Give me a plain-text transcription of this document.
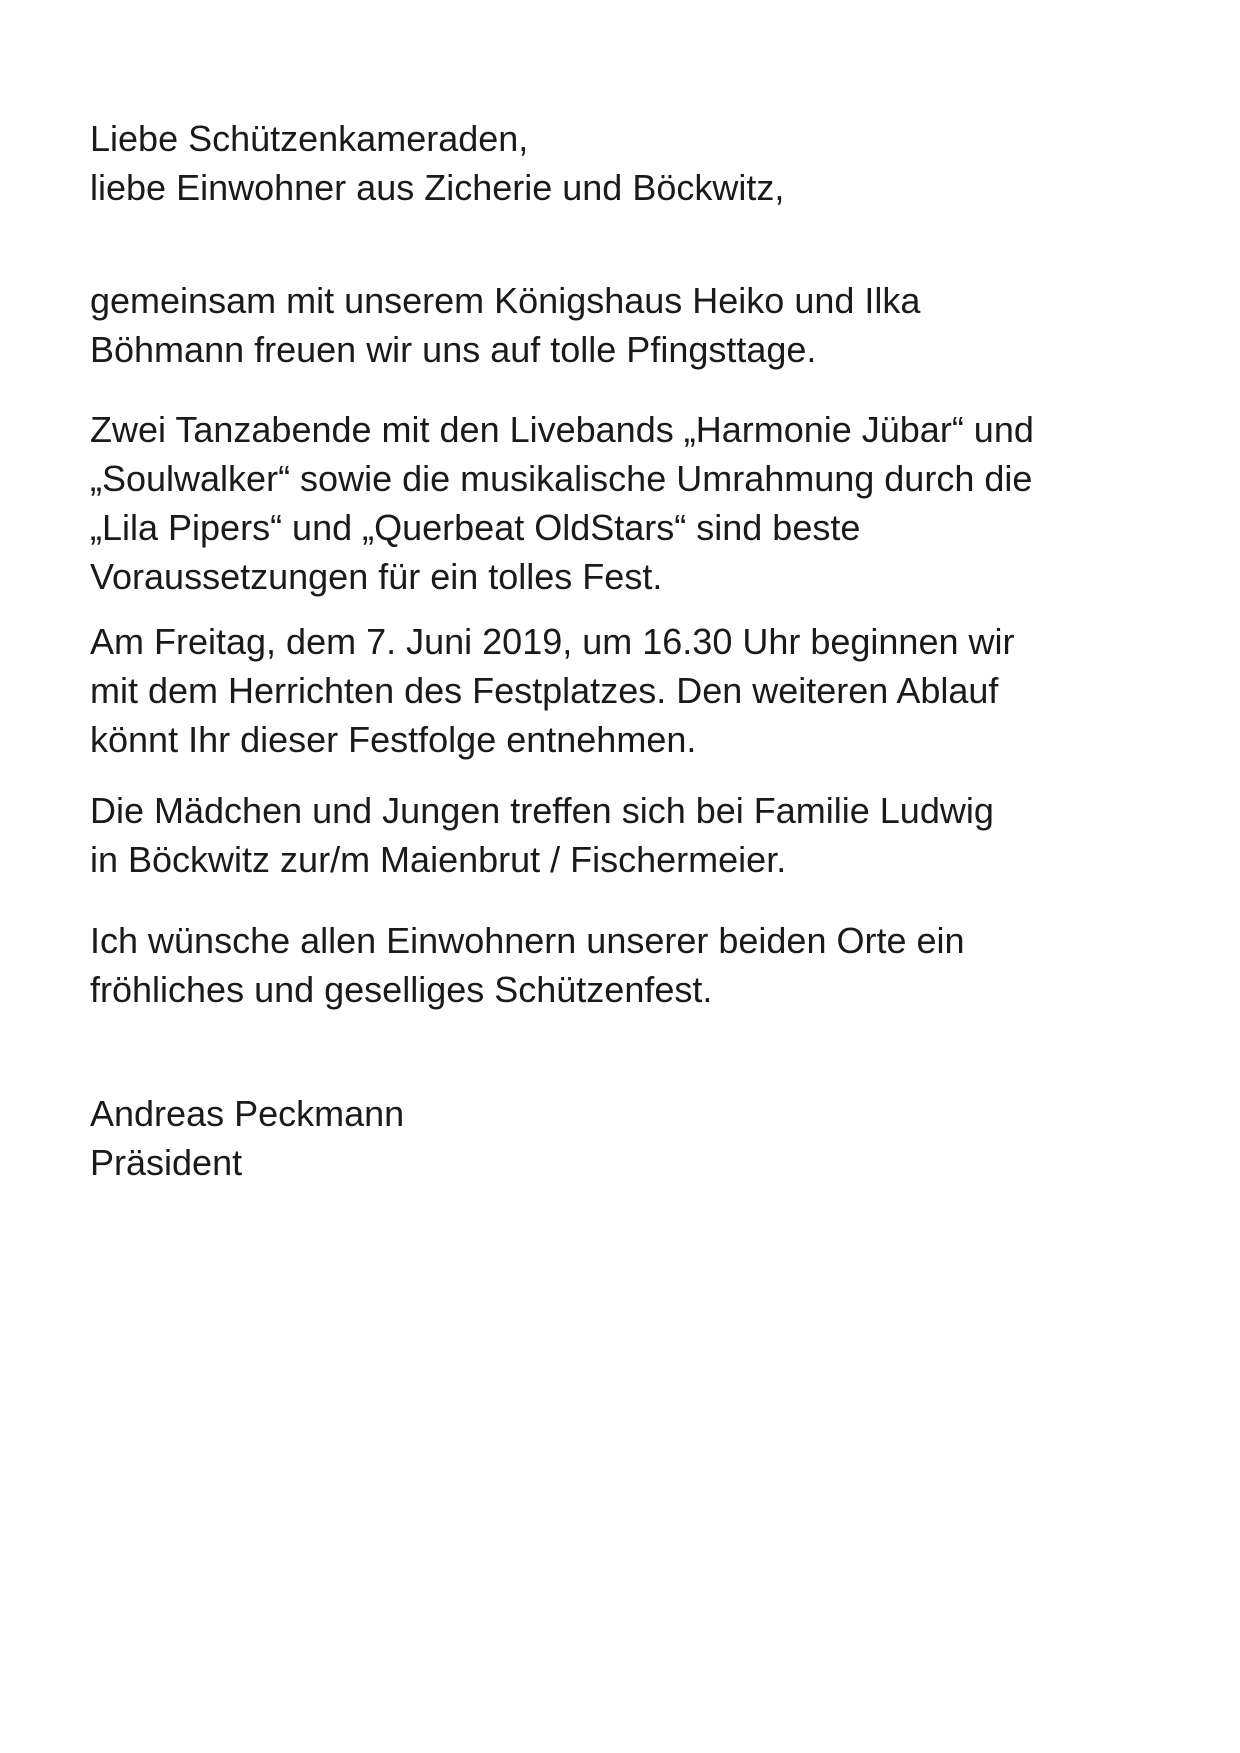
Liebe Schützenkameraden,
liebe Einwohner aus Zicherie und Böckwitz,

gemeinsam mit unserem Königshaus Heiko und Ilka
Böhmann freuen wir uns auf tolle Pfingsttage.

Zwei Tanzabende mit den Livebands „Harmonie Jübar“ und
„Soulwalker“ sowie die musikalische Umrahmung durch die
„Lila Pipers“ und „Querbeat OldStars“ sind beste
Voraussetzungen für ein tolles Fest.

Am Freitag, dem 7. Juni 2019, um 16.30 Uhr beginnen wir
mit dem Herrichten des Festplatzes. Den weiteren Ablauf
könnt Ihr dieser Festfolge entnehmen.

Die Mädchen und Jungen treffen sich bei Familie Ludwig
in Böckwitz zur/m Maienbrut / Fischermeier.

Ich wünsche allen Einwohnern unserer beiden Orte ein
fröhliches und geselliges Schützenfest.

Andreas Peckmann
Präsident
